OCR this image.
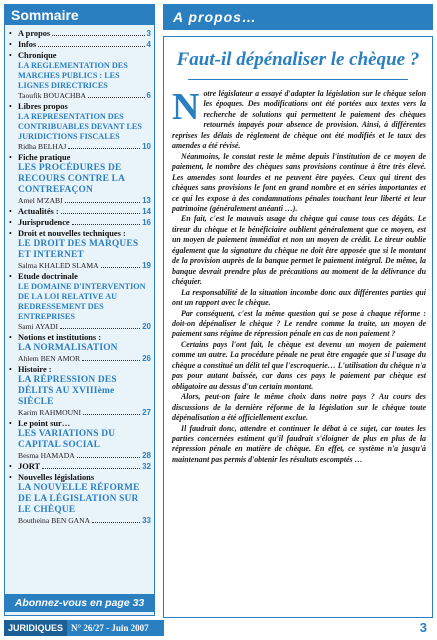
Sommaire
• A propos	3
• Infos	4
• Chronique
LA REGLEMENTATION DES MARCHES PUBLICS : LES LIGNES DIRECTRICES
Taoufik BOUACHBA	6
• Libres propos
LA REPRESENTATION DES CONTRIBUABLES DEVANT LES JURIDICTIONS FISCALES
Ridha BELHAJ	10
• Fiche pratique
LES PROCÉDURES DE RECOURS CONTRE LA CONTREFAÇON
Amel M'ZABI	13
• Actualités :	14
• Jurisprudence	16
• Droit et nouvelles techniques :
LE DROIT DES MARQUES ET INTERNET
Salma KHALED SLAMA	19
• Etude doctrinale
LE DOMAINE D'INTERVENTION DE LA LOI RELATIVE AU REDRESSEMENT DES ENTREPRISES
Sami AYADI	20
• Notions et institutions :
LA NORMALISATION
Ahlem BEN AMOR	26
• Histoire :
LA RÉPRESSION DES DÉLITS AU XVIIIème SIÈCLE
Karim RAHMOUNI	27
• Le point sur…
LES VARIATIONS DU CAPITAL SOCIAL
Besma HAMADA	28
• JORT	32
• Nouvelles législations
LA NOUVELLE RÉFORME DE LA LÉGISLATION SUR LE CHÈQUE
Boutheina BEN GANA	33
Abonnez-vous en page 33
JURIDIQUES N° 26/27 - Juin 2007	3
A propos…
Faut-il dépénaliser le chèque ?

Notre législateur a essayé d'adapter la législation sur le chèque selon les époques. Des modifications ont été portées aux textes vers la recherche de solutions qui permettent le paiement des chèques retournés impayés pour absence de provision. Ainsi, à différentes reprises les délais de règlement de chèque ont été modifiés et le taux des amendes a été révisé.

Néanmoins, le constat reste le même depuis l'institution de ce moyen de paiement, le nombre des chèques sans provisions continue à être très élevé. Les amendes sont lourdes et ne peuvent être payées. Ceux qui tirent des chèques sans provisions le font en grand nombre et en séries importantes et ce qui les expose à des condamnations pénales touchant leur liberté et leur patrimoine (généralement anéanti …).

En fait, c'est le mauvais usage du chèque qui cause tous ces dégâts. Le tireur du chèque et le bénéficiaire oublient généralement que ce moyen, est un moyen de paiement immédiat et non un moyen de crédit. Le tireur oublie également que la signature du chèque ne doit être apposée que si le montant de la provision auprès de la banque permet le paiement intégral. De même, la banque devrait prendre plus de précautions au moment de la délivrance du chéquier.

La responsabilité de la situation incombe donc aux différentes parties qui ont un rapport avec le chèque.

Par conséquent, c'est la même question qui se pose à chaque réforme : doit-on dépénaliser le chèque ? Le rendre comme la traite, un moyen de paiement sans régime de répression pénale en cas de non paiement ?

Certains pays l'ont fait, le chèque est devenu un moyen de paiement comme un autre. La procédure pénale ne peut être engagée que si l'usage du chèque a constitué un délit tel que l'escroquerie… L'utilisation du chèque n'a pas pour autant baissée, car dans ces pays le paiement par chèque est obligatoire au dessus d'un certain montant.

Alors, peut-on faire le même choix dans notre pays ? Au cours des discussions de la dernière réforme de la législation sur le chèque toute dépénalisation a été officiellement exclue.

Il faudrait donc, attendre et continuer le débat à ce sujet, car toutes les parties concernées estiment qu'il faudrait s'éloigner de plus en plus de la répression pénale en matière de chèque. En effet, ce système n'a jusqu'à maintenant pas permis d'obtenir les résultats escomptés …
